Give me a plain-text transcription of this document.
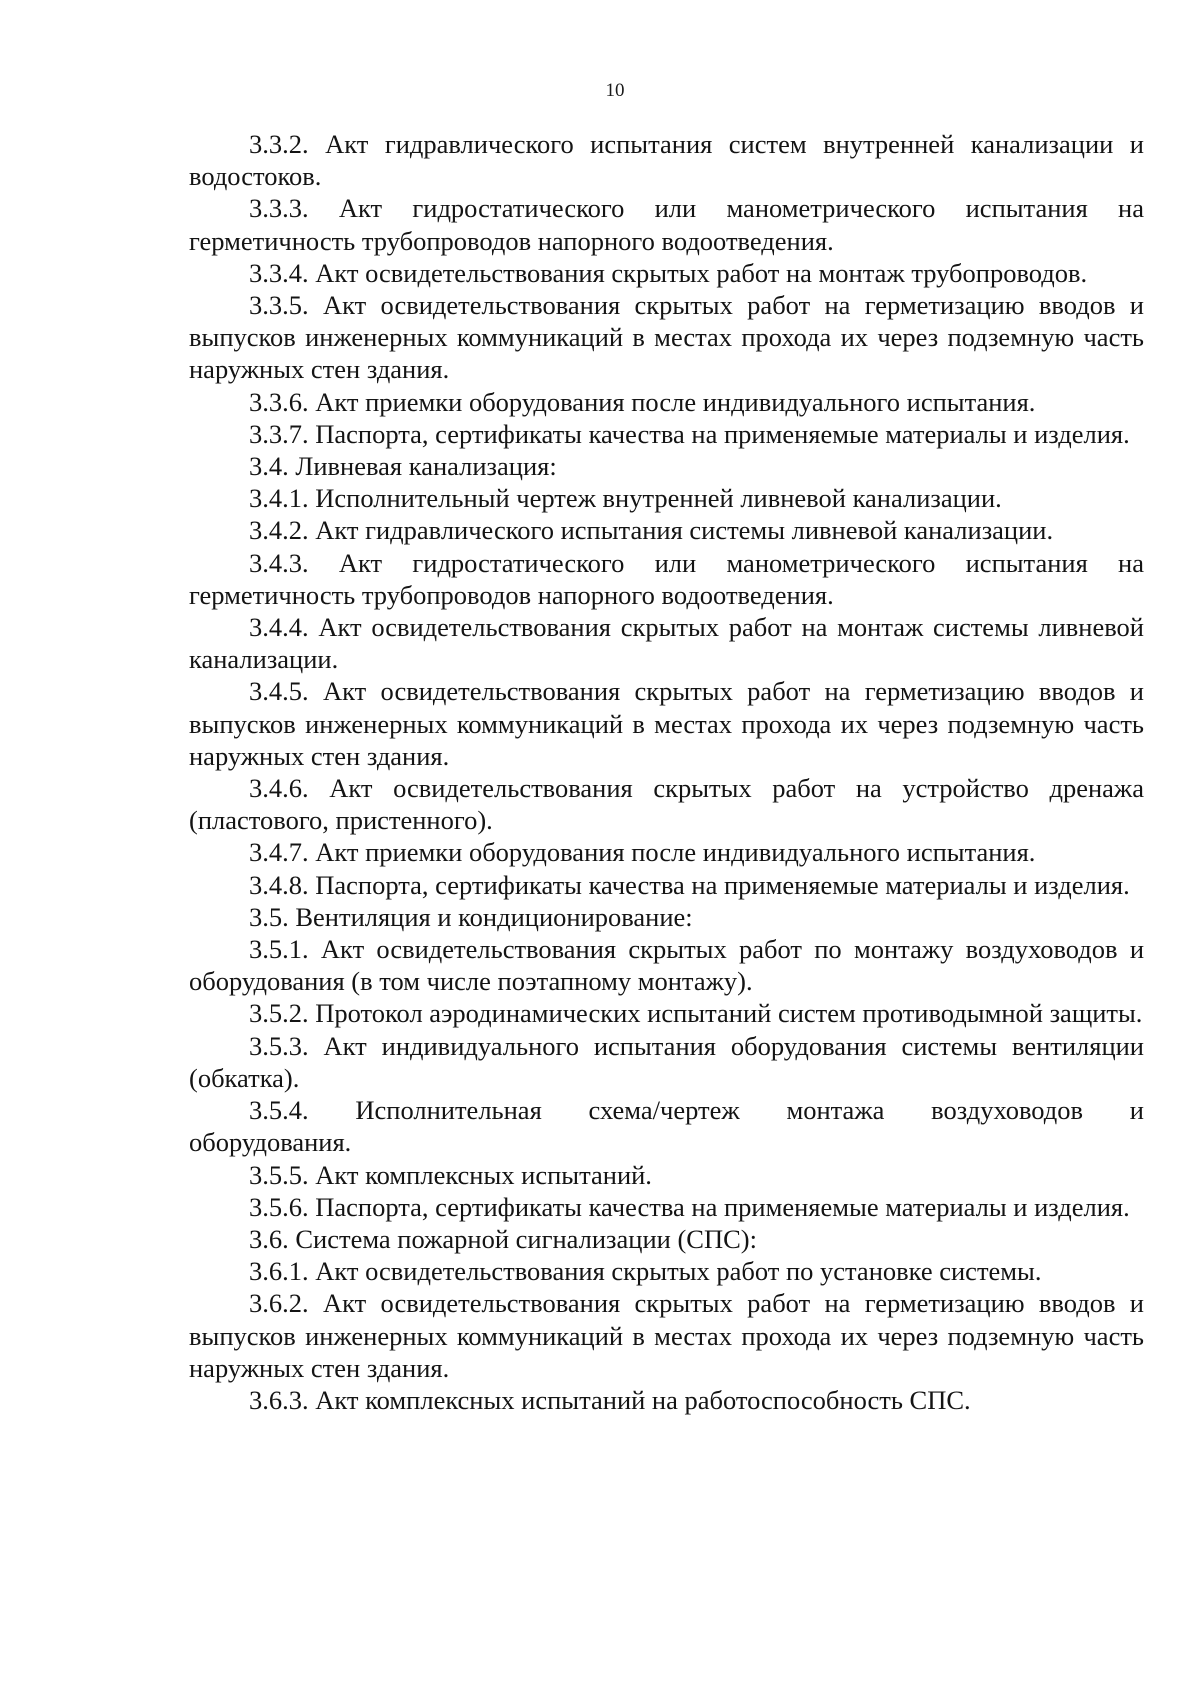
10

3.3.2. Акт гидравлического испытания систем внутренней канализации и водостоков.

3.3.3. Акт гидростатического или манометрического испытания на герметичность трубопроводов напорного водоотведения.

3.3.4. Акт освидетельствования скрытых работ на монтаж трубопроводов.

3.3.5. Акт освидетельствования скрытых работ на герметизацию вводов и выпусков инженерных коммуникаций в местах прохода их через подземную часть наружных стен здания.

3.3.6. Акт приемки оборудования после индивидуального испытания.

3.3.7. Паспорта, сертификаты качества на применяемые материалы и изделия.

3.4. Ливневая канализация:

3.4.1. Исполнительный чертеж внутренней ливневой канализации.

3.4.2. Акт гидравлического испытания системы ливневой канализации.

3.4.3. Акт гидростатического или манометрического испытания на герметичность трубопроводов напорного водоотведения.

3.4.4. Акт освидетельствования скрытых работ на монтаж системы ливневой канализации.

3.4.5. Акт освидетельствования скрытых работ на герметизацию вводов и выпусков инженерных коммуникаций в местах прохода их через подземную часть наружных стен здания.

3.4.6. Акт освидетельствования скрытых работ на устройство дренажа (пластового, пристенного).

3.4.7. Акт приемки оборудования после индивидуального испытания.

3.4.8. Паспорта, сертификаты качества на применяемые материалы и изделия.

3.5. Вентиляция и кондиционирование:

3.5.1. Акт освидетельствования скрытых работ по монтажу воздуховодов и оборудования (в том числе поэтапному монтажу).

3.5.2. Протокол аэродинамических испытаний систем противодымной защиты.

3.5.3. Акт индивидуального испытания оборудования системы вентиляции (обкатка).

3.5.4. Исполнительная схема/чертеж монтажа воздуховодов и оборудования.

3.5.5. Акт комплексных испытаний.

3.5.6. Паспорта, сертификаты качества на применяемые материалы и изделия.

3.6. Система пожарной сигнализации (СПС):

3.6.1. Акт освидетельствования скрытых работ по установке системы.

3.6.2. Акт освидетельствования скрытых работ на герметизацию вводов и выпусков инженерных коммуникаций в местах прохода их через подземную часть наружных стен здания.

3.6.3. Акт комплексных испытаний на работоспособность СПС.
